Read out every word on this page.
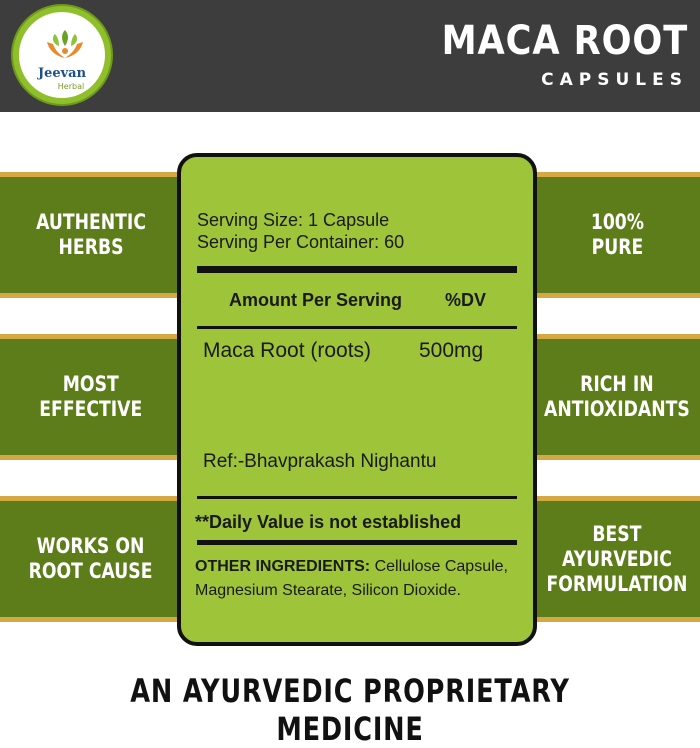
Jeevan
Herbal
MACA ROOT
CAPSULES
AUTHENTIC
HERBS
MOST
EFFECTIVE
WORKS ON
ROOT CAUSE
100%
PURE
RICH IN
ANTIOXIDANTS
BEST
AYURVEDIC
FORMULATION
Serving Size: 1 Capsule
Serving Per Container: 60
Amount Per Serving %DV
Maca Root (roots) 500mg
Ref:-Bhavprakash Nighantu
**Daily Value is not established
OTHER INGREDIENTS: Cellulose Capsule, Magnesium Stearate, Silicon Dioxide.
AN AYURVEDIC PROPRIETARY MEDICINE
